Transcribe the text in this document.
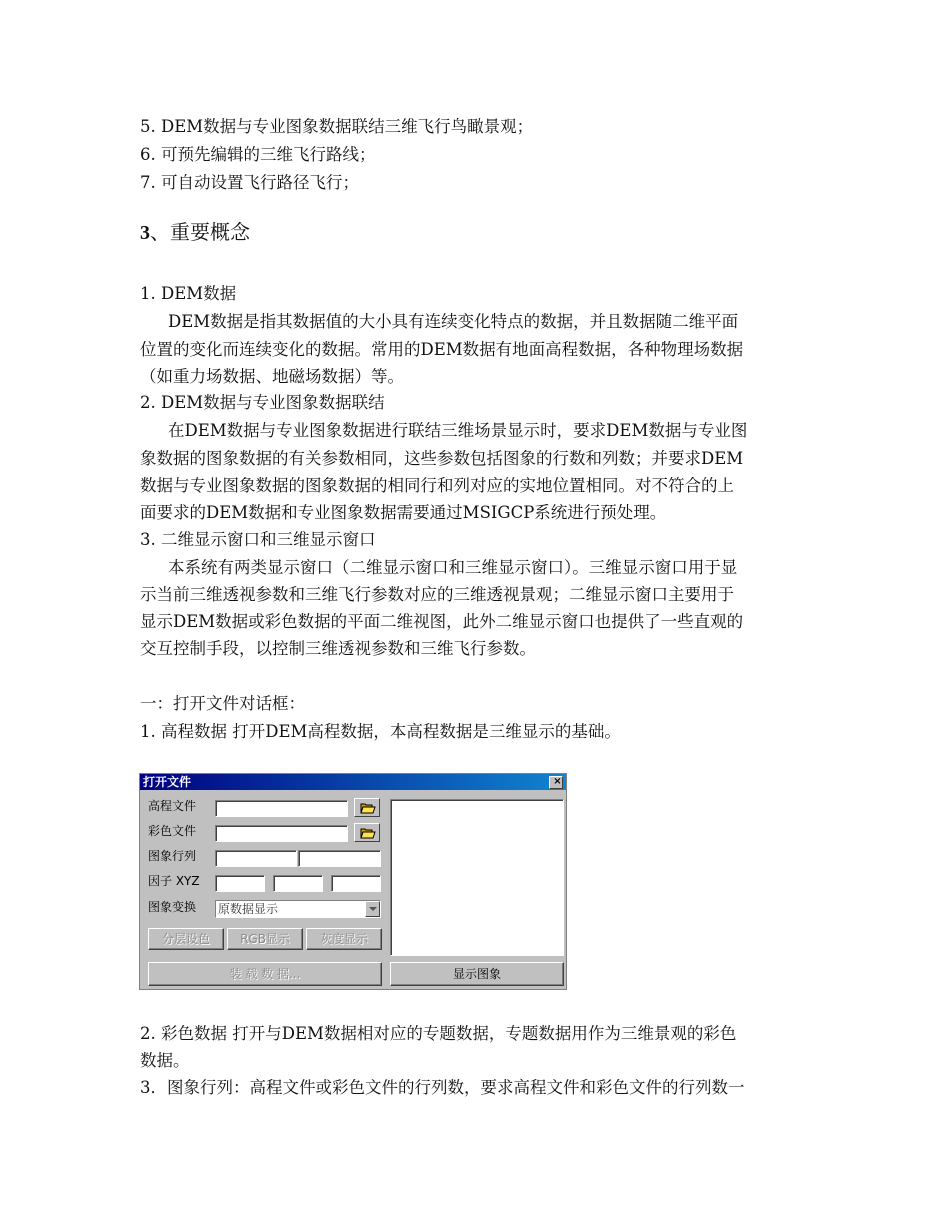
5. DEM数据与专业图象数据联结三维飞行鸟瞰景观；
6. 可预先编辑的三维飞行路线；
7. 可自动设置飞行路径飞行；
3、重要概念
1. DEM数据
DEM数据是指其数据值的大小具有连续变化特点的数据，并且数据随二维平面
位置的变化而连续变化的数据。常用的DEM数据有地面高程数据，各种物理场数据
（如重力场数据、地磁场数据）等。
2. DEM数据与专业图象数据联结
在DEM数据与专业图象数据进行联结三维场景显示时，要求DEM数据与专业图
象数据的图象数据的有关参数相同，这些参数包括图象的行数和列数；并要求DEM
数据与专业图象数据的图象数据的相同行和列对应的实地位置相同。对不符合的上
面要求的DEM数据和专业图象数据需要通过MSIGCP系统进行预处理。
3. 二维显示窗口和三维显示窗口
本系统有两类显示窗口（二维显示窗口和三维显示窗口）。三维显示窗口用于显
示当前三维透视参数和三维飞行参数对应的三维透视景观；二维显示窗口主要用于
显示DEM数据或彩色数据的平面二维视图，此外二维显示窗口也提供了一些直观的
交互控制手段，以控制三维透视参数和三维飞行参数。
一：打开文件对话框：
1. 高程数据 打开DEM高程数据，本高程数据是三维显示的基础。
2. 彩色数据 打开与DEM数据相对应的专题数据，专题数据用作为三维景观的彩色
数据。
3．图象行列：高程文件或彩色文件的行列数，要求高程文件和彩色文件的行列数一
打开文件	×
高程文件
彩色文件
图象行列
因子 XYZ
图象变换 原数据显示
分层设色	RGB显示	灰度显示
装 载 数 据...	显示图象
